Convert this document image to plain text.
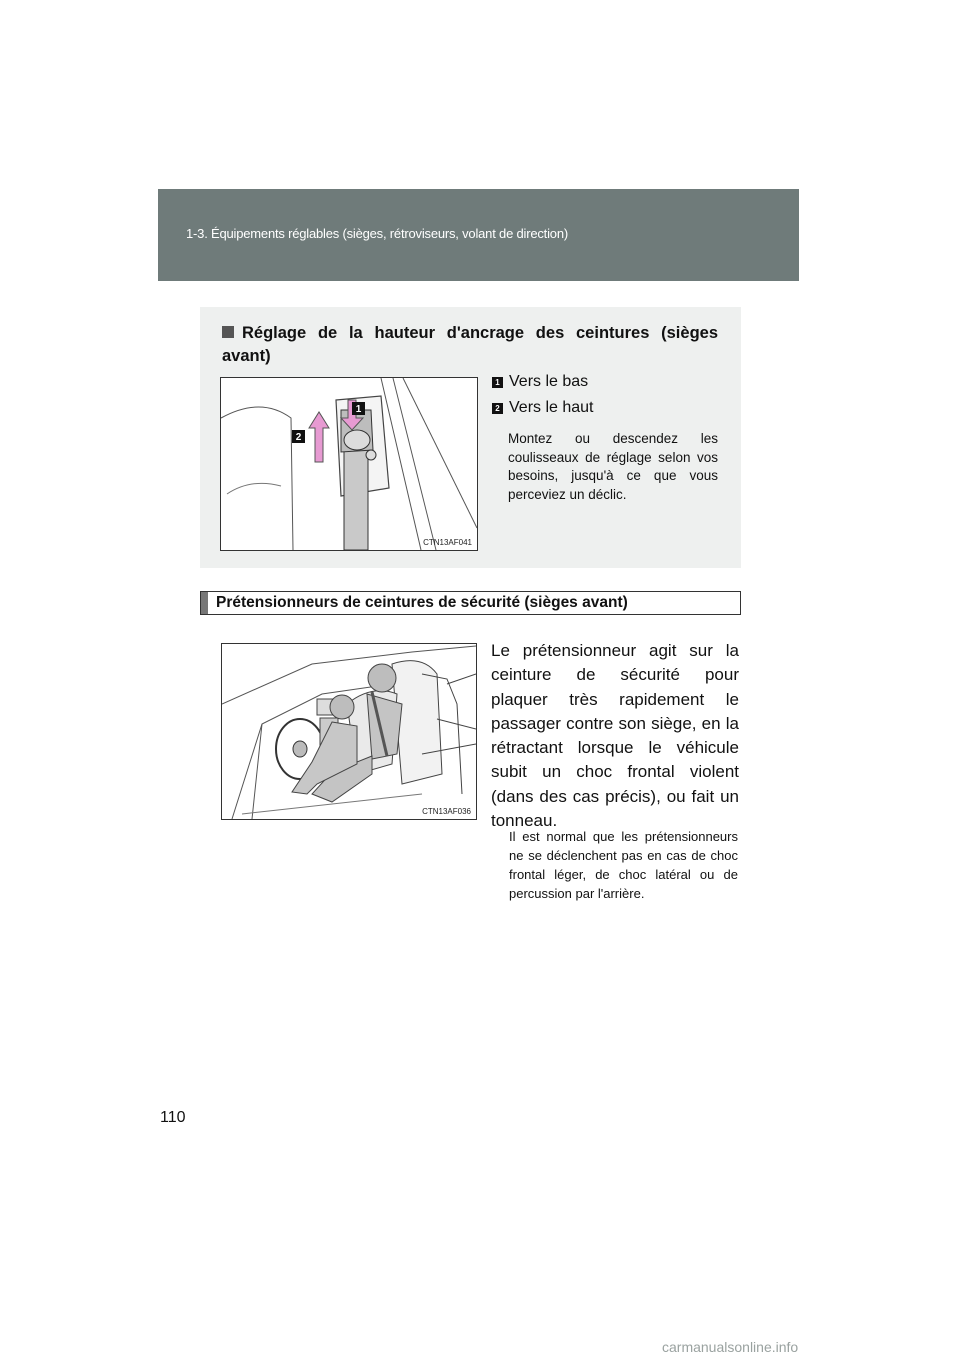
1-3. Équipements réglables (sièges, rétroviseurs, volant de direction)
Réglage de la hauteur d'ancrage des ceintures (sièges avant)
1
2
CTN13AF041
1 Vers le bas
2 Vers le haut
Montez ou descendez les coulisseaux de réglage selon vos besoins, jusqu'à ce que vous perceviez un déclic.
Prétensionneurs de ceintures de sécurité (sièges avant)
CTN13AF036
Le prétensionneur agit sur la ceinture de sécurité pour plaquer très rapidement le passager contre son siège, en la rétractant lorsque le véhicule subit un choc frontal violent (dans des cas précis), ou fait un tonneau.
Il est normal que les prétensionneurs ne se déclenchent pas en cas de choc frontal léger, de choc latéral ou de percussion par l'arrière.
110
carmanualsonline.info
